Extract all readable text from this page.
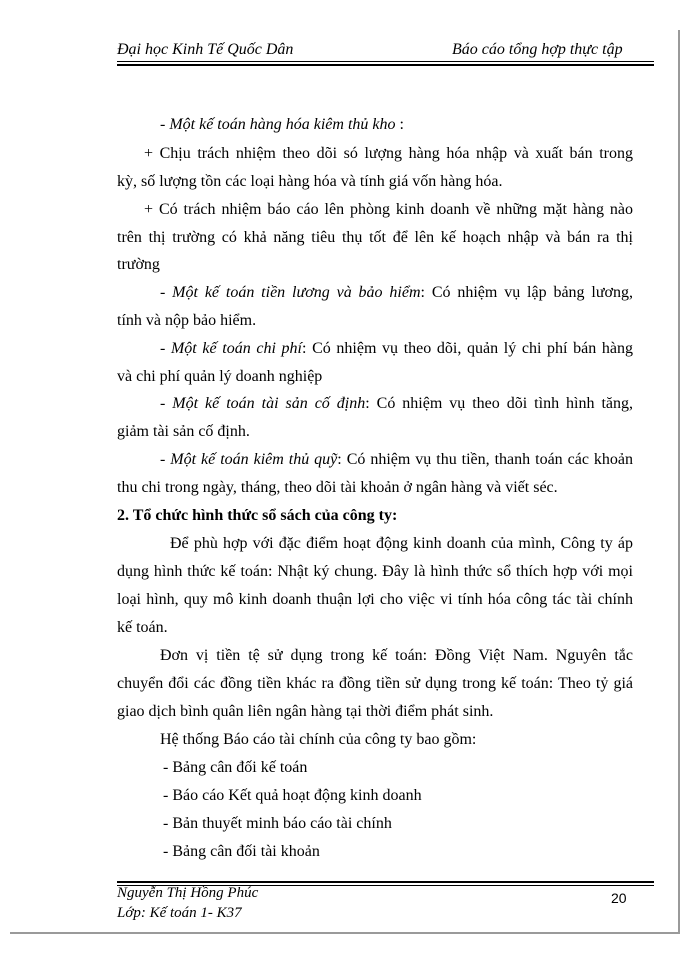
Đại học Kinh Tế Quốc Dân	Báo cáo tổng hợp thực tập
- Một kế toán hàng hóa kiêm thủ kho :
+ Chịu trách nhiệm theo dõi só lượng hàng hóa nhập và xuất bán trong
kỳ, số lượng tồn các loại hàng hóa và tính giá vốn hàng hóa.
+ Có trách nhiệm báo cáo lên phòng kinh doanh về những mặt hàng nào
trên thị trường có khả năng tiêu thụ tốt để lên kế hoạch nhập và bán ra thị
trường
- Một kế toán tiền lương và bảo hiểm: Có nhiệm vụ lập bảng lương,
tính và nộp bảo hiểm.
- Một kế toán chi phí: Có nhiệm vụ theo dõi, quản lý chi phí bán hàng
và chi phí quản lý doanh nghiệp
- Một kế toán tài sản cố định: Có nhiệm vụ theo dõi tình hình tăng,
giảm tài sản cố định.
- Một kế toán kiêm thủ quỹ: Có nhiệm vụ thu tiền, thanh toán các khoản
thu chi trong ngày, tháng, theo dõi tài khoản ở ngân hàng và viết séc.
2. Tổ chức hình thức sổ sách của công ty:
Để phù hợp với đặc điểm hoạt động kinh doanh của mình, Công ty áp
dụng hình thức kế toán: Nhật ký chung. Đây là hình thức sổ thích hợp với mọi
loại hình, quy mô kinh doanh thuận lợi cho việc vi tính hóa công tác tài chính
kế toán.
Đơn vị tiền tệ sử dụng trong kế toán: Đồng Việt Nam. Nguyên tắc
chuyển đổi các đồng tiền khác ra đồng tiền sử dụng trong kế toán: Theo tỷ giá
giao dịch bình quân liên ngân hàng tại thời điểm phát sinh.
Hệ thống Báo cáo tài chính của công ty bao gồm:
- Bảng cân đối kế toán
- Báo cáo Kết quả hoạt động kinh doanh
- Bản thuyết minh báo cáo tài chính
- Bảng cân đối tài khoản
Nguyễn Thị Hồng Phúc
Lớp: Kế toán 1- K37
20
